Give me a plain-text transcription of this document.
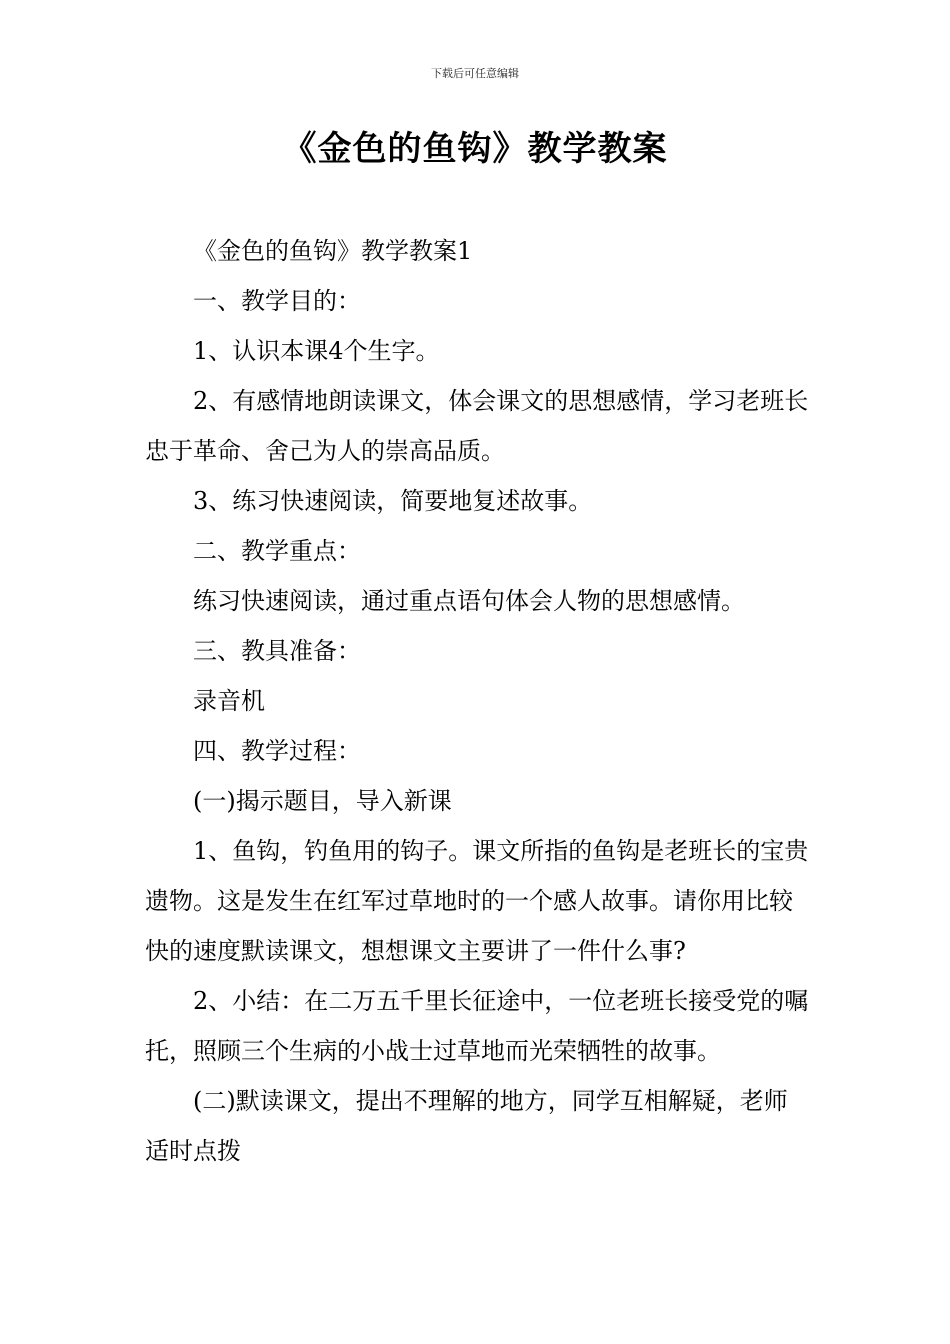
下载后可任意编辑
《金色的鱼钩》教学教案

《金色的鱼钩》教学教案1

一、教学目的：

1、认识本课4个生字。

2、有感情地朗读课文，体会课文的思想感情，学习老班长忠于革命、舍己为人的崇高品质。

3、练习快速阅读，简要地复述故事。

二、教学重点：

练习快速阅读，通过重点语句体会人物的思想感情。

三、教具准备：

录音机

四、教学过程：

(一)揭示题目，导入新课

1、鱼钩，钓鱼用的钩子。课文所指的鱼钩是老班长的宝贵遗物。这是发生在红军过草地时的一个感人故事。请你用比较快的速度默读课文，想想课文主要讲了一件什么事?

2、小结：在二万五千里长征途中，一位老班长接受党的嘱托，照顾三个生病的小战士过草地而光荣牺牲的故事。

(二)默读课文，提出不理解的地方，同学互相解疑，老师适时点拨
